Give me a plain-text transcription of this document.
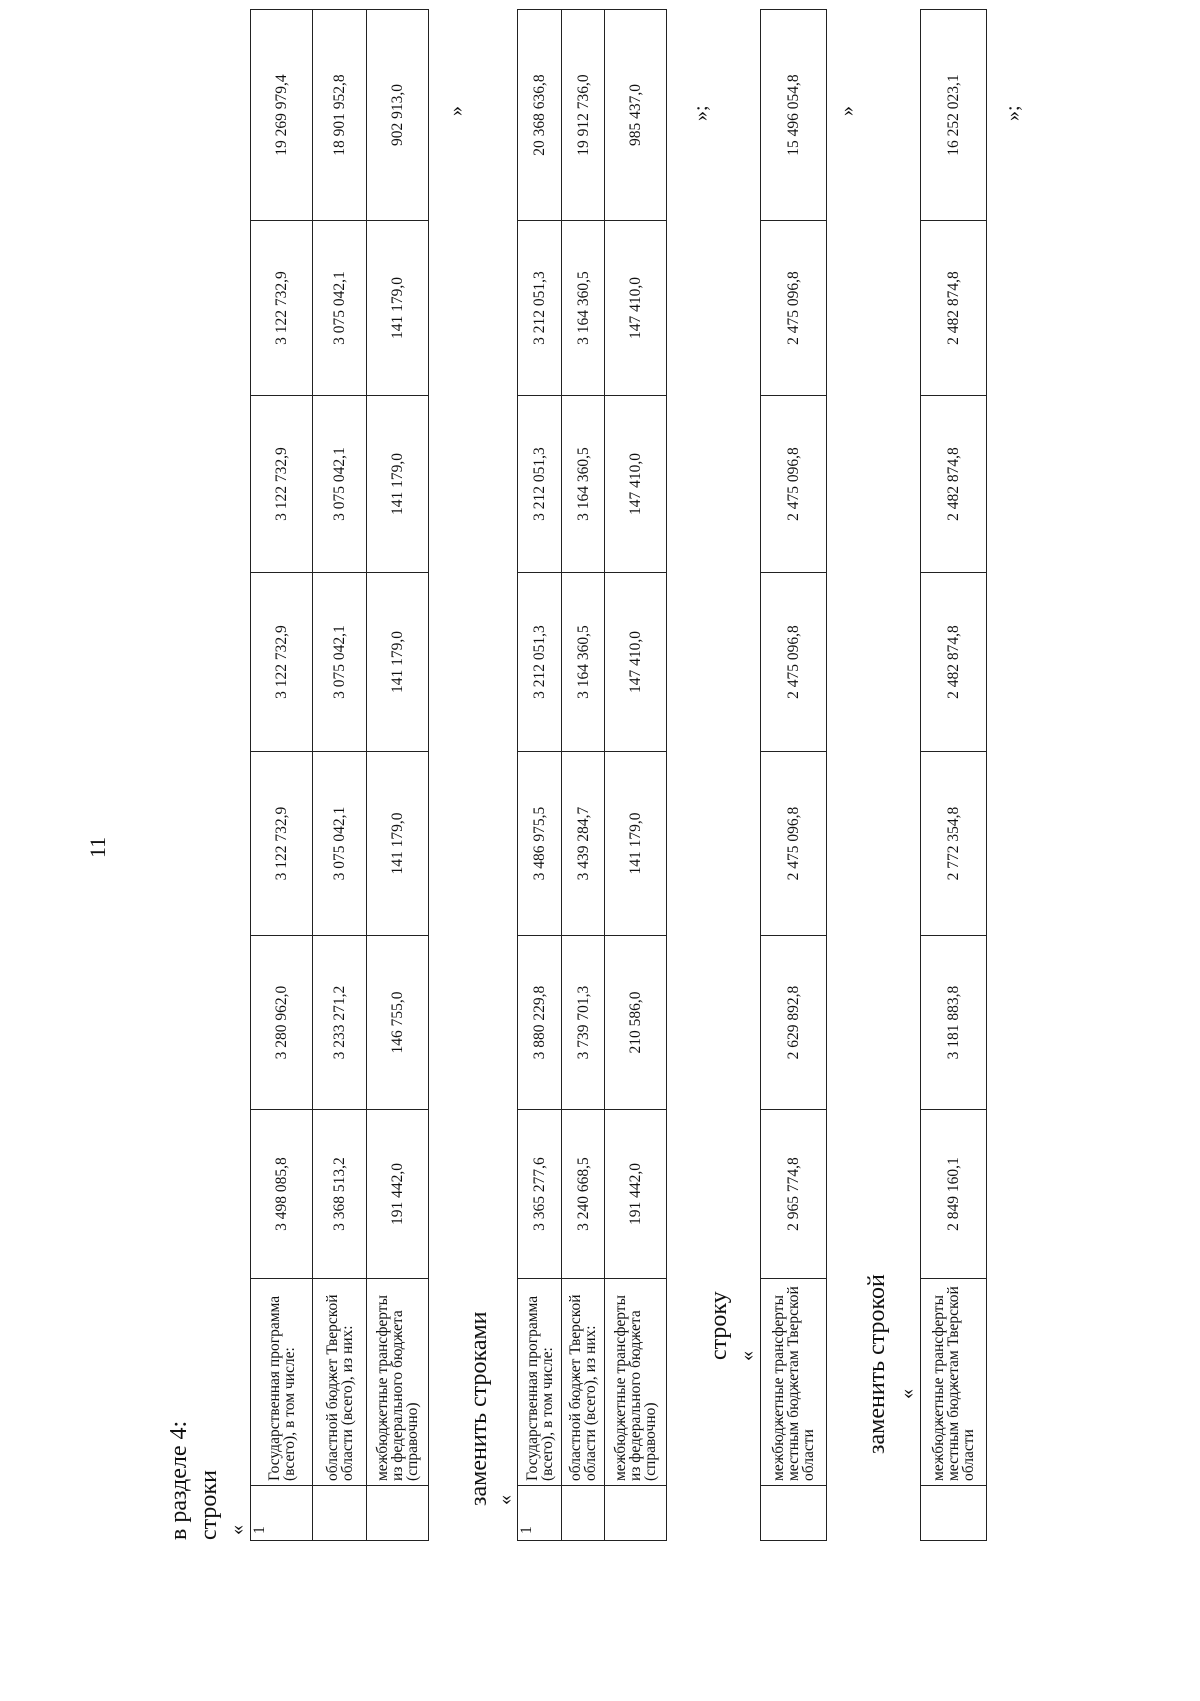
11
в разделе 4: строки « 1	Государственная программа (всего), в том числе:	3 498 085,8	3 280 962,0	3 122 732,9	3 122 732,9	3 122 732,9	3 122 732,9	19 269 979,4
	областной бюджет Тверской области (всего), из них:	3 368 513,2	3 233 271,2	3 075 042,1	3 075 042,1	3 075 042,1	3 075 042,1	18 901 952,8
	межбюджетные трансферты из федерального бюджета (справочно)	191 442,0	146 755,0	141 179,0	141 179,0	141 179,0	141 179,0	902 913,0 »
заменить строками «
1	Государственная программа (всего), в том числе:	3 365 277,6	3 880 229,8	3 486 975,5	3 212 051,3	3 212 051,3	3 212 051,3	20 368 636,8
	областной бюджет Тверской области (всего), из них:	3 240 668,5	3 739 701,3	3 439 284,7	3 164 360,5	3 164 360,5	3 164 360,5	19 912 736,0
	межбюджетные трансферты из федерального бюджета (справочно)	191 442,0	210 586,0	141 179,0	147 410,0	147 410,0	147 410,0	985 437,0 »;
строку «
	межбюджетные трансферты местным бюджетам Тверской области	2 965 774,8	2 629 892,8	2 475 096,8	2 475 096,8	2 475 096,8	2 475 096,8	15 496 054,8 »
заменить строкой «
	межбюджетные трансферты местным бюджетам Тверской области	2 849 160,1	3 181 883,8	2 772 354,8	2 482 874,8	2 482 874,8	2 482 874,8	16 252 023,1 »;
